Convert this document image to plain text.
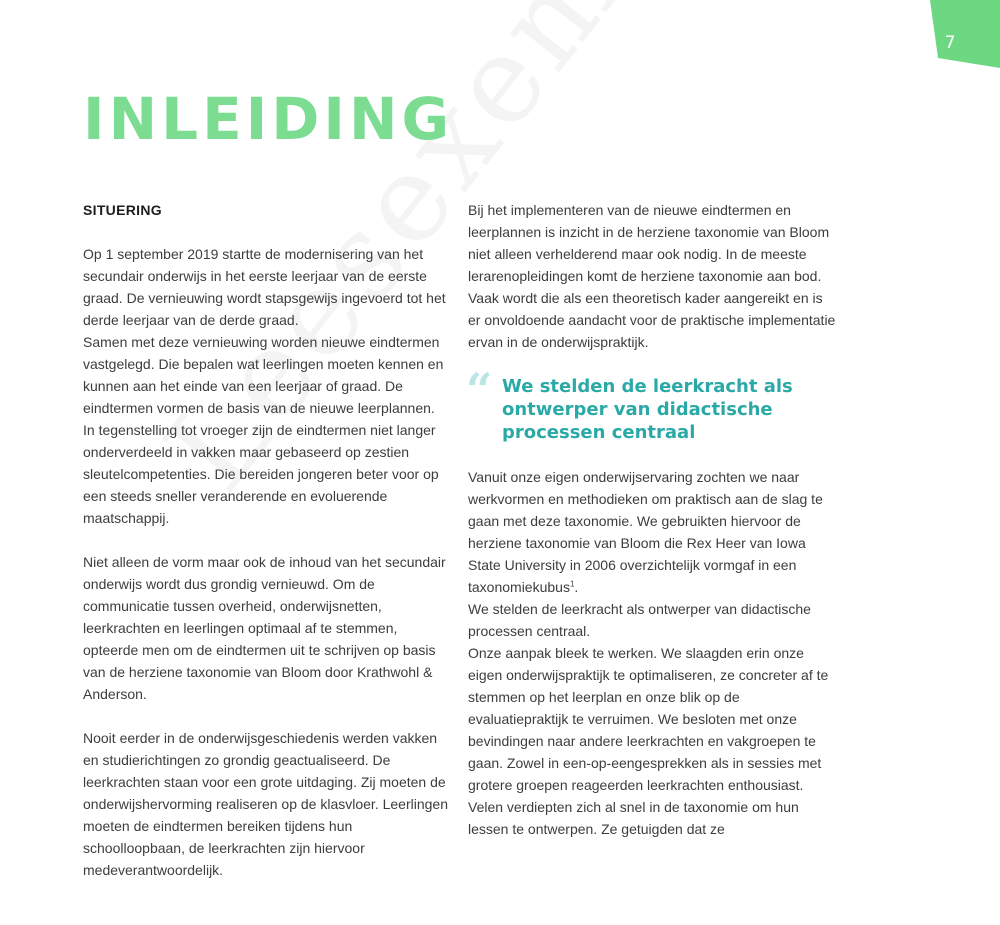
7
INLEIDING
SITUERING

Op 1 september 2019 startte de modernisering van het secundair onderwijs in het eerste leerjaar van de eerste graad. De vernieuwing wordt stapsgewijs ingevoerd tot het derde leerjaar van de derde graad.

Samen met deze vernieuwing worden nieuwe eindtermen vastgelegd. Die bepalen wat leerlingen moeten kennen en kunnen aan het einde van een leerjaar of graad. De eindtermen vormen de basis van de nieuwe leerplannen.

In tegenstelling tot vroeger zijn de eindtermen niet langer onderverdeeld in vakken maar gebaseerd op zestien sleutelcompetenties. Die bereiden jongeren beter voor op een steeds sneller veranderende en evoluerende maatschappij.

Niet alleen de vorm maar ook de inhoud van het secundair onderwijs wordt dus grondig vernieuwd. Om de communicatie tussen overheid, onderwijsnetten, leerkrachten en leerlingen optimaal af te stemmen, opteerde men om de eindtermen uit te schrijven op basis van de herziene taxonomie van Bloom door Krathwohl & Anderson.

Nooit eerder in de onderwijsgeschiedenis werden vakken en studierichtingen zo grondig geactualiseerd. De leerkrachten staan voor een grote uitdaging. Zij moeten de onderwijshervorming realiseren op de klasvloer. Leerlingen moeten de eindtermen bereiken tijdens hun schoolloopbaan, de leerkrachten zijn hiervoor medeverantwoordelijk.

Bij het implementeren van de nieuwe eindtermen en leerplannen is inzicht in de herziene taxonomie van Bloom niet alleen verhelderend maar ook nodig. In de meeste lerarenopleidingen komt de herziene taxonomie aan bod. Vaak wordt die als een theoretisch kader aangereikt en is er onvoldoende aandacht voor de praktische implementatie ervan in de onderwijspraktijk.

“ We stelden de leerkracht als ontwerper van didactische processen centraal

Vanuit onze eigen onderwijservaring zochten we naar werkvormen en methodieken om praktisch aan de slag te gaan met deze taxonomie. We gebruikten hiervoor de herziene taxonomie van Bloom die Rex Heer van Iowa State University in 2006 overzichtelijk vormgaf in een taxonomiekubus$^1$.

We stelden de leerkracht als ontwerper van didactische processen centraal.

Onze aanpak bleek te werken. We slaagden erin onze eigen onderwijspraktijk te optimaliseren, ze concreter af te stemmen op het leerplan en onze blik op de evaluatiepraktijk te verruimen. We besloten met onze bevindingen naar andere leerkrachten en vakgroepen te gaan. Zowel in een-op-eengesprekken als in sessies met grotere groepen reageerden leerkrachten enthousiast. Velen verdiepten zich al snel in de taxonomie om hun lessen te ontwerpen. Ze getuigden dat ze
